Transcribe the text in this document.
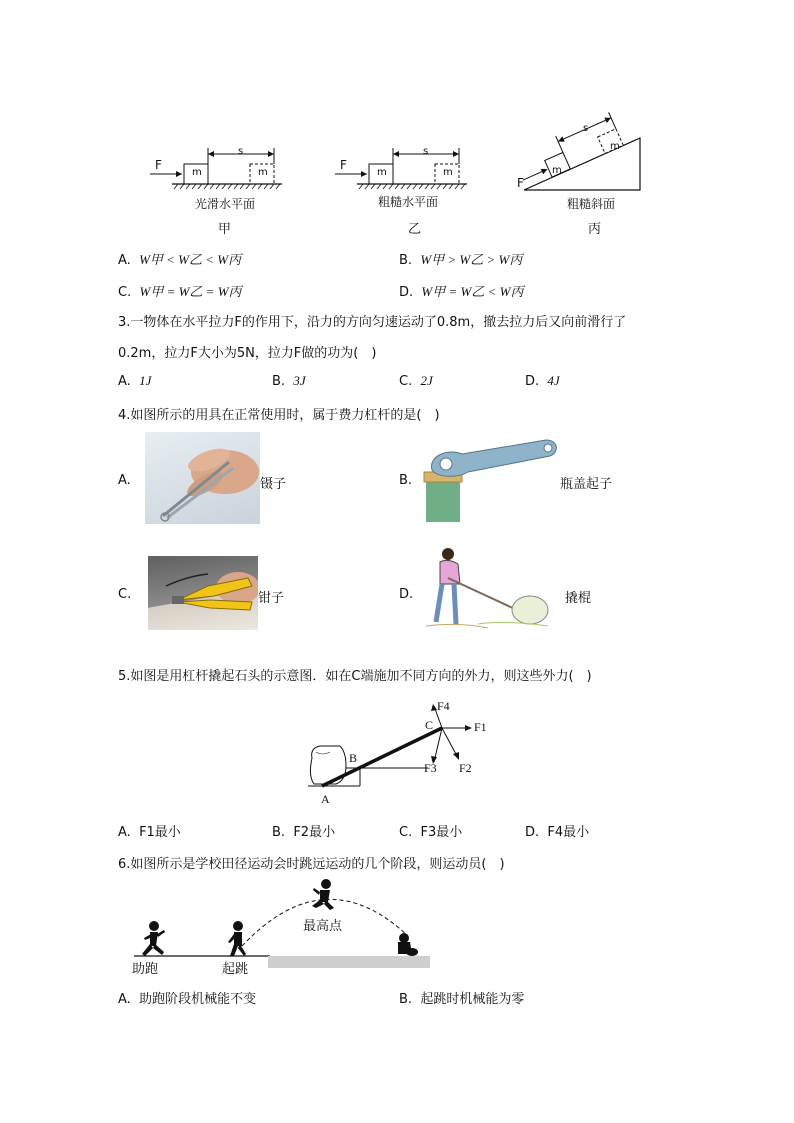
F
s
m	m
光滑水平面
甲
F
s
m	m
粗糙水平面
乙
F
s
m
m
粗糙斜面
丙
A. W甲 < W乙 < W丙	B. W甲 > W乙 > W丙
C. W甲 = W乙 = W丙	D. W甲 = W乙 < W丙
3.一物体在水平拉力F的作用下，沿力的方向匀速运动了0.8m，撤去拉力后又向前滑行了
0.2m，拉力F大小为5N，拉力F做的功为(　)
A. 1J	B. 3J	C. 2J	D. 4J
4.如图所示的用具在正常使用时，属于费力杠杆的是(　)
A.	镊子	B.	瓶盖起子
C.	钳子	D.	撬棍
5.如图是用杠杆撬起石头的示意图．如在C端施加不同方向的外力，则这些外力(　)
A
B
C	F1
F2
F3
F4
A. F1最小	B. F2最小	C. F3最小	D. F4最小
6.如图所示是学校田径运动会时跳远运动的几个阶段，则运动员(　)
助跑	起跳
最高点
A. 助跑阶段机械能不变	B. 起跳时机械能为零
